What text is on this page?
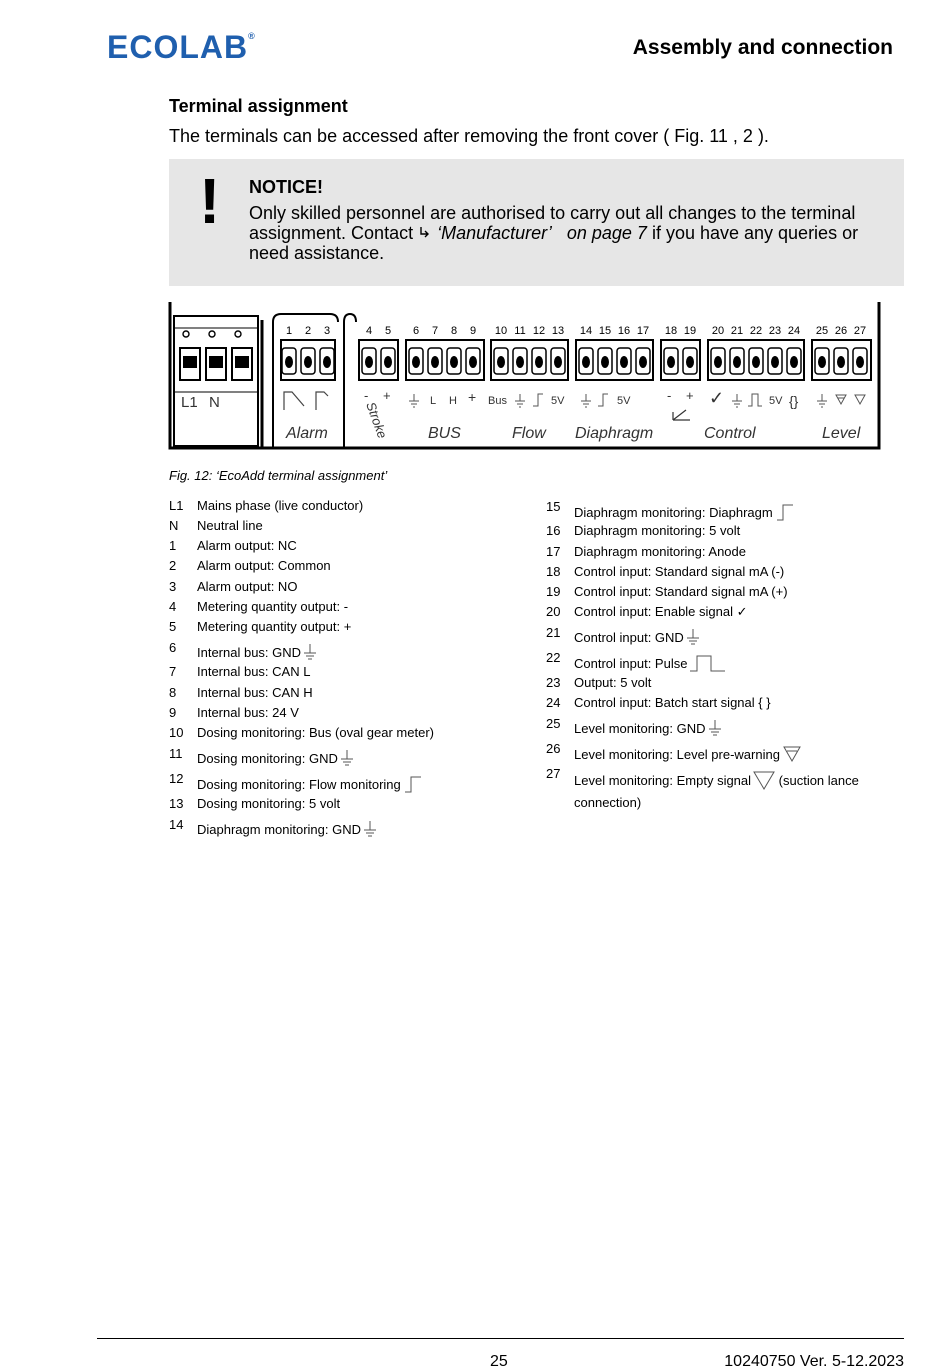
ECOLAB®	Assembly and connection
Terminal assignment
The terminals can be accessed after removing the front cover ( Fig. 11 , 2 ).
! NOTICE!
Only skilled personnel are authorised to carry out all changes to the terminal assignment. Contact ‘Manufacturer’ on page 7 if you have any queries or need assistance.
1 2 3	4 5 6 7 8 9 10 11 12 13 14 15 16 17 18 19 20 21 22 23 24 25 26 27
L1 N	- +	L H + Bus	5V	5V	- + ✓	5V {}
Alarm	Stroke BUS	Flow Diaphragm	Control	Level
Fig. 12: ‘EcoAdd terminal assignment’
L1 Mains phase (live conductor)
N Neutral line
1 Alarm output: NC
2 Alarm output: Common
3 Alarm output: NO
4 Metering quantity output: -
5 Metering quantity output: +
6 Internal bus: GND
7 Internal bus: CAN L
8 Internal bus: CAN H
9 Internal bus: 24 V
10 Dosing monitoring: Bus (oval gear meter)
11 Dosing monitoring: GND
12 Dosing monitoring: Flow monitoring
13 Dosing monitoring: 5 volt
14 Diaphragm monitoring: GND
15 Diaphragm monitoring: Diaphragm
16 Diaphragm monitoring: 5 volt
17 Diaphragm monitoring: Anode
18 Control input: Standard signal mA (-)
19 Control input: Standard signal mA (+)
20 Control input: Enable signal ✓
21 Control input: GND
22 Control input: Pulse
23 Output: 5 volt
24 Control input: Batch start signal { }
25 Level monitoring: GND
26 Level monitoring: Level pre-warning
27 Level monitoring: Empty signal (suction lance
connection)
25	10240750 Ver. 5-12.2023
